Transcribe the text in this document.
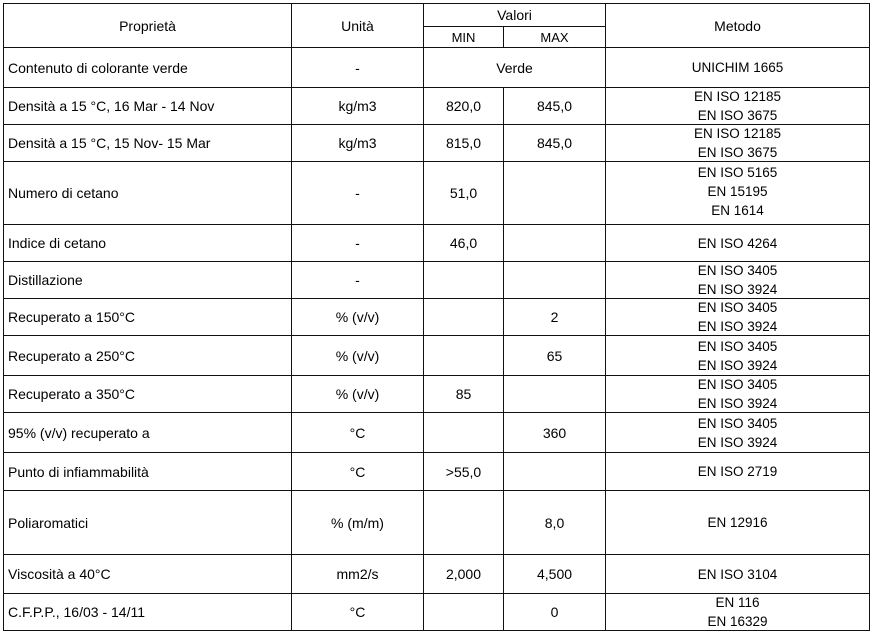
Proprietà	Unità	Valori		Metodo
		MIN	MAX	
Contenuto di colorante verde	-	Verde		UNICHIM 1665

Densità a 15 °C, 16 Mar - 14 Nov	kg/m3	820,0	845,0	EN ISO 12185
EN ISO 3675

Densità a 15 °C, 15 Nov- 15 Mar	kg/m3	815,0	845,0	EN ISO 12185
EN ISO 3675

Numero di cetano	-	51,0		EN ISO 5165
EN 15195
EN 1614

Indice di cetano	-	46,0		EN ISO 4264

Distillazione	-			EN ISO 3405
EN ISO 3924

Recuperato a 150°C	% (v/v)		2	EN ISO 3405
EN ISO 3924

Recuperato a 250°C	% (v/v)		65	EN ISO 3405
EN ISO 3924

Recuperato a 350°C	% (v/v)	85		EN ISO 3405
EN ISO 3924

95% (v/v) recuperato a	°C		360	EN ISO 3405
EN ISO 3924

Punto di infiammabilità	°C	>55,0		EN ISO 2719

Poliaromatici	% (m/m)		8,0	EN 12916

Viscosità a 40°C	mm2/s	2,000	4,500	EN ISO 3104

C.F.P.P., 16/03 - 14/11	°C		0	EN 116
EN 16329
